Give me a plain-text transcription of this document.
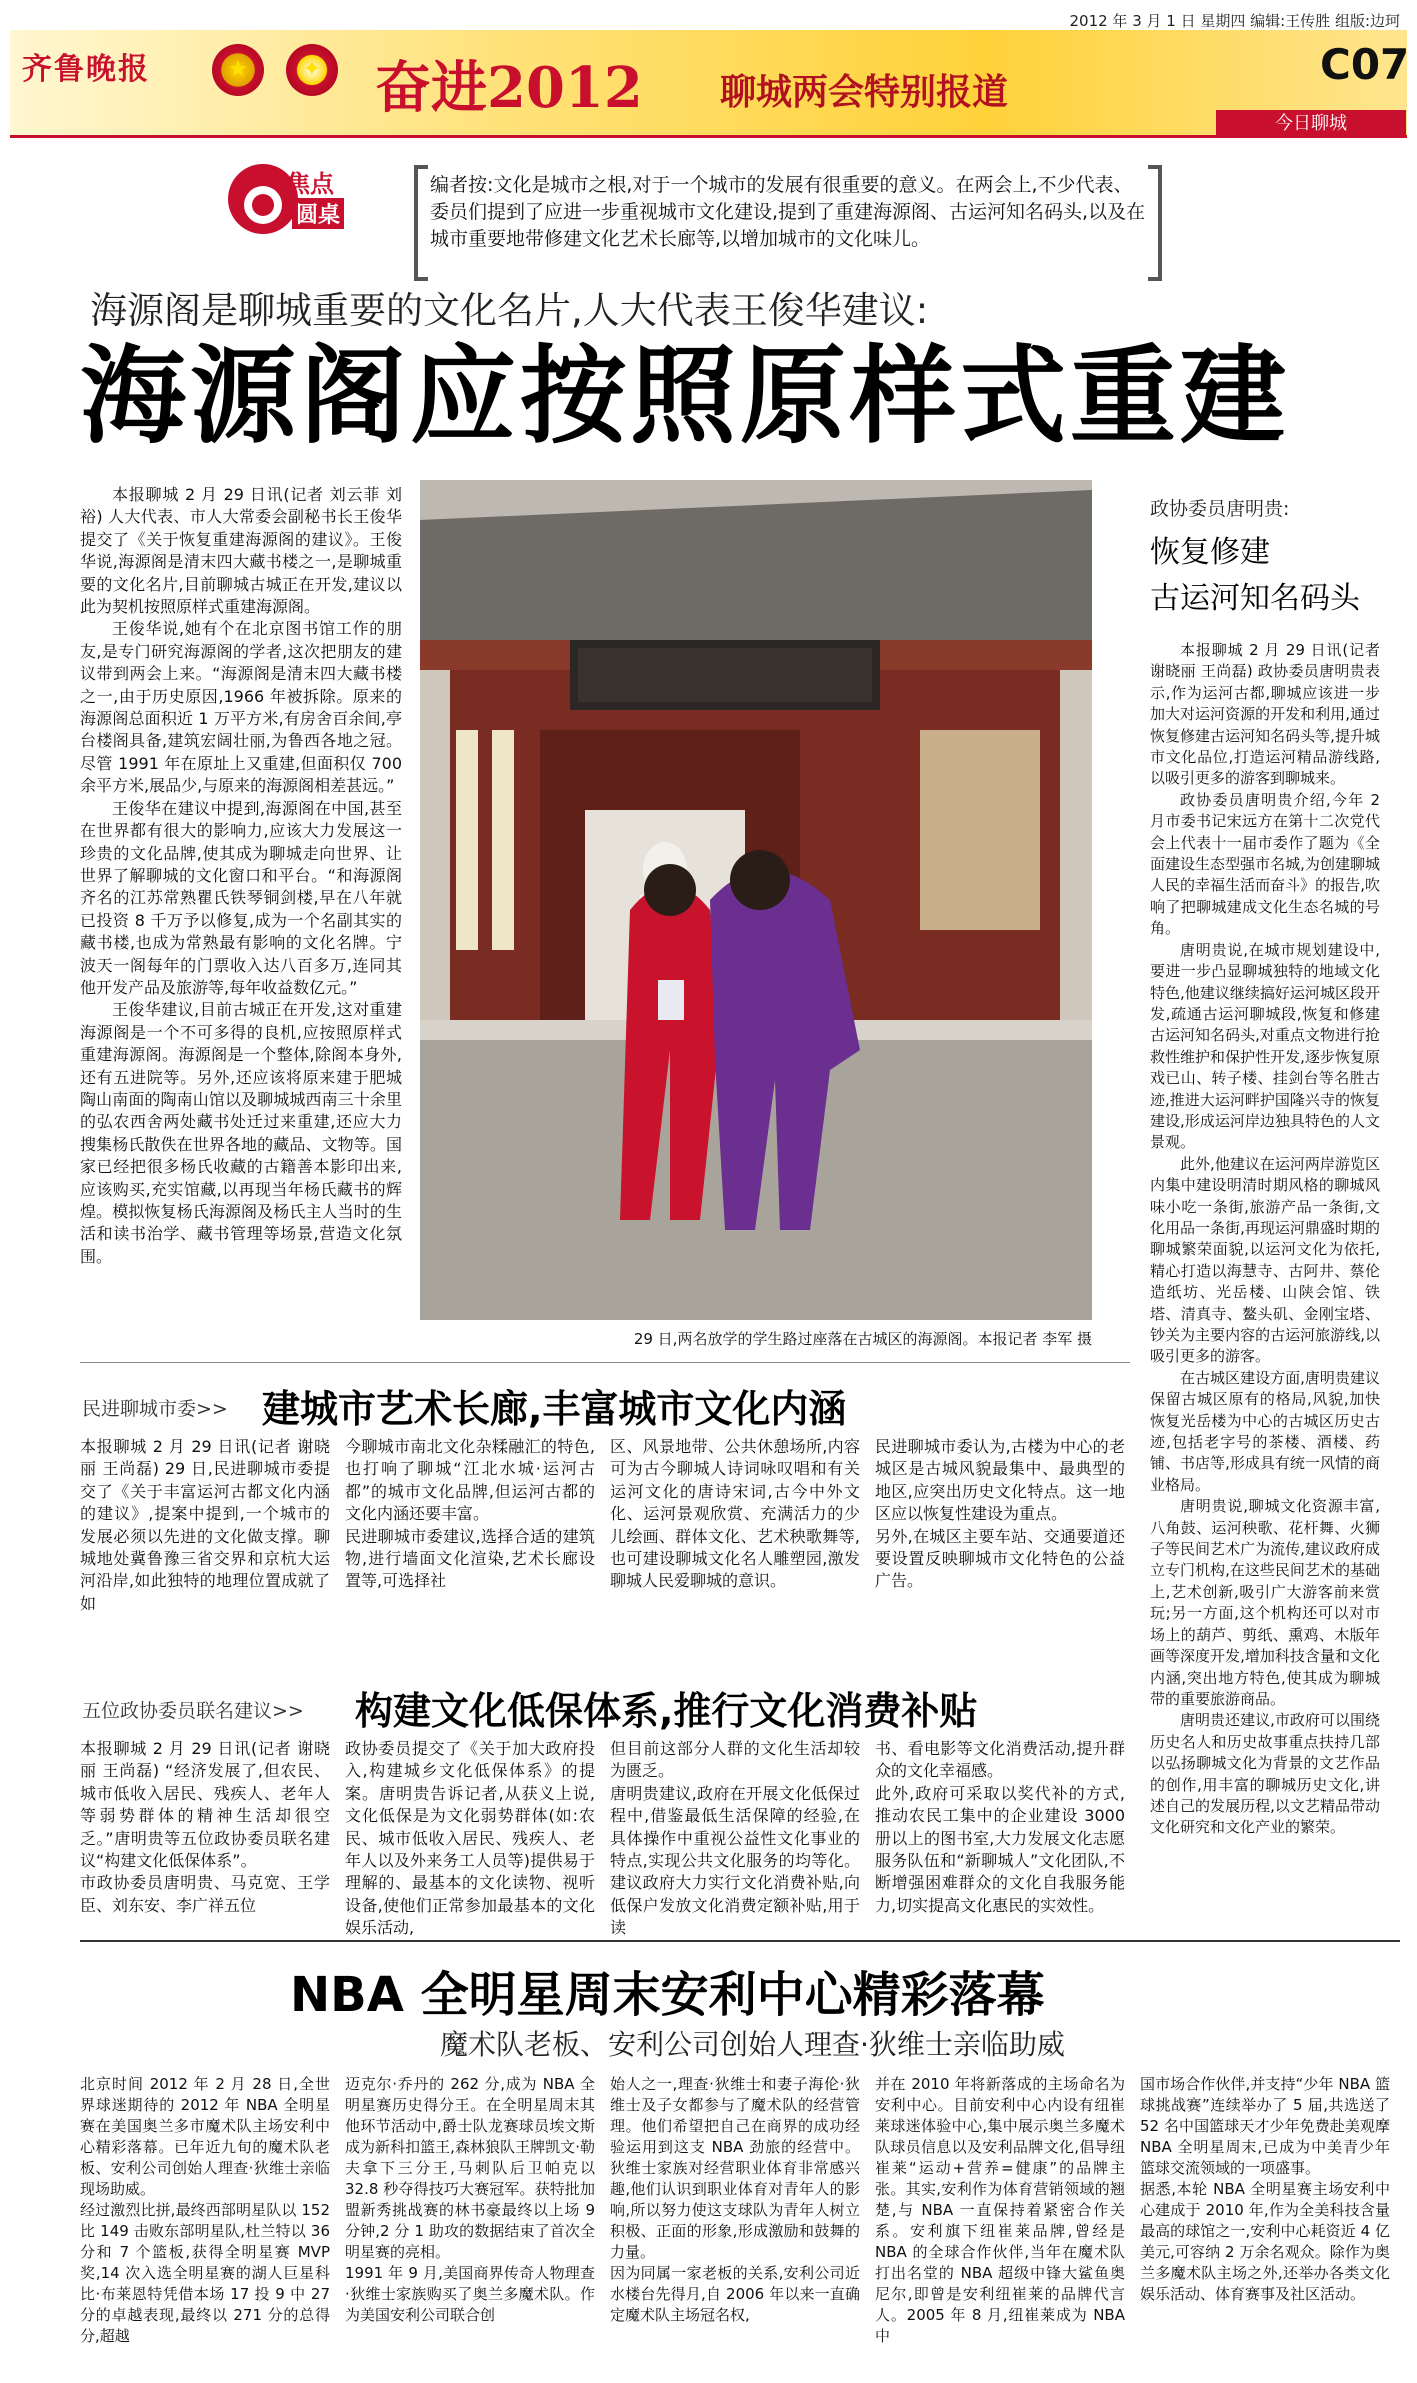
2012 年 3 月 1 日 星期四 编辑:王传胜 组版:边珂
齐鲁晚报	★	✦ 奋进2012 聊城两会特别报道
C07
今日聊城
焦点
圆桌
编者按:文化是城市之根,对于一个城市的发展有很重要的意义。在两会上,不少代表、委员们提到了应进一步重视城市文化建设,提到了重建海源阁、古运河知名码头,以及在城市重要地带修建文化艺术长廊等,以增加城市的文化味儿。
海源阁是聊城重要的文化名片,人大代表王俊华建议:
海源阁应按照原样式重建

本报聊城 2 月 29 日讯(记者 刘云菲 刘裕) 人大代表、市人大常委会副秘书长王俊华提交了《关于恢复重建海源阁的建议》。王俊华说,海源阁是清末四大藏书楼之一,是聊城重要的文化名片,目前聊城古城正在开发,建议以此为契机按照原样式重建海源阁。

王俊华说,她有个在北京图书馆工作的朋友,是专门研究海源阁的学者,这次把朋友的建议带到两会上来。“海源阁是清末四大藏书楼之一,由于历史原因,1966 年被拆除。原来的海源阁总面积近 1 万平方米,有房舍百余间,亭台楼阁具备,建筑宏阔壮丽,为鲁西各地之冠。尽管 1991 年在原址上又重建,但面积仅 700 余平方米,展品少,与原来的海源阁相差甚远。”

王俊华在建议中提到,海源阁在中国,甚至在世界都有很大的影响力,应该大力发展这一珍贵的文化品牌,使其成为聊城走向世界、让世界了解聊城的文化窗口和平台。“和海源阁齐名的江苏常熟瞿氏铁琴铜剑楼,早在八年就已投资 8 千万予以修复,成为一个名副其实的藏书楼,也成为常熟最有影响的文化名牌。宁波天一阁每年的门票收入达八百多万,连同其他开发产品及旅游等,每年收益数亿元。”

王俊华建议,目前古城正在开发,这对重建海源阁是一个不可多得的良机,应按照原样式重建海源阁。海源阁是一个整体,除阁本身外,还有五进院等。另外,还应该将原来建于肥城陶山南面的陶南山馆以及聊城城西南三十余里的弘农西舍两处藏书处迁过来重建,还应大力搜集杨氏散佚在世界各地的藏品、文物等。国家已经把很多杨氏收藏的古籍善本影印出来,应该购买,充实馆藏,以再现当年杨氏藏书的辉煌。模拟恢复杨氏海源阁及杨氏主人当时的生活和读书治学、藏书管理等场景,营造文化氛围。

29 日,两名放学的学生路过座落在古城区的海源阁。本报记者 李军 摄
政协委员唐明贵:
恢复修建
古运河知名码头

本报聊城 2 月 29 日讯(记者 谢晓丽 王尚磊) 政协委员唐明贵表示,作为运河古都,聊城应该进一步加大对运河资源的开发和利用,通过恢复修建古运河知名码头等,提升城市文化品位,打造运河精品游线路,以吸引更多的游客到聊城来。

政协委员唐明贵介绍,今年 2 月市委书记宋远方在第十二次党代会上代表十一届市委作了题为《全面建设生态型强市名城,为创建聊城人民的幸福生活而奋斗》的报告,吹响了把聊城建成文化生态名城的号角。

唐明贵说,在城市规划建设中,要进一步凸显聊城独特的地域文化特色,他建议继续搞好运河城区段开发,疏通古运河聊城段,恢复和修建古运河知名码头,对重点文物进行抢救性维护和保护性开发,逐步恢复原戏已山、转子楼、挂剑台等名胜古迹,推进大运河畔护国隆兴寺的恢复建设,形成运河岸边独具特色的人文景观。

此外,他建议在运河两岸游览区内集中建设明清时期风格的聊城风味小吃一条街,旅游产品一条街,文化用品一条街,再现运河鼎盛时期的聊城繁荣面貌,以运河文化为依托,精心打造以海慧寺、古阿井、蔡伦造纸坊、光岳楼、山陕会馆、铁塔、清真寺、鳌头矶、金刚宝塔、钞关为主要内容的古运河旅游线,以吸引更多的游客。

在古城区建设方面,唐明贵建议保留古城区原有的格局,风貌,加快恢复光岳楼为中心的古城区历史古迹,包括老字号的茶楼、酒楼、药铺、书店等,形成具有统一风情的商业格局。

唐明贵说,聊城文化资源丰富,八角鼓、运河秧歌、花杆舞、火狮子等民间艺术广为流传,建议政府成立专门机构,在这些民间艺术的基础上,艺术创新,吸引广大游客前来赏玩;另一方面,这个机构还可以对市场上的葫芦、剪纸、熏鸡、木版年画等深度开发,增加科技含量和文化内涵,突出地方特色,使其成为聊城带的重要旅游商品。

唐明贵还建议,市政府可以围绕历史名人和历史故事重点扶持几部以弘扬聊城文化为背景的文艺作品的创作,用丰富的聊城历史文化,讲述自己的发展历程,以文艺精品带动文化研究和文化产业的繁荣。

民进聊城市委>> 建城市艺术长廊,丰富城市文化内涵
本报聊城 2 月 29 日讯(记者 谢晓丽 王尚磊) 29 日,民进聊城市委提交了《关于丰富运河古都文化内涵的建议》,提案中提到,一个城市的发展必须以先进的文化做支撑。聊城地处冀鲁豫三省交界和京杭大运河沿岸,如此独特的地理位置成就了如
今聊城市南北文化杂糅融汇的特色,也打响了聊城“江北水城·运河古都”的城市文化品牌,但运河古都的文化内涵还要丰富。
民进聊城市委建议,选择合适的建筑物,进行墙面文化渲染,艺术长廊设置等,可选择社
区、风景地带、公共休憩场所,内容可为古今聊城人诗词咏叹唱和有关运河文化的唐诗宋词,古今中外文化、运河景观欣赏、充满活力的少儿绘画、群体文化、艺术秧歌舞等,也可建设聊城文化名人雕塑园,激发聊城人民爱聊城的意识。
民进聊城市委认为,古楼为中心的老城区是古城风貌最集中、最典型的地区,应突出历史文化特点。这一地区应以恢复性建设为重点。
另外,在城区主要车站、交通要道还要设置反映聊城市文化特色的公益广告。
五位政协委员联名建议>> 构建文化低保体系,推行文化消费补贴
本报聊城 2 月 29 日讯(记者 谢晓丽 王尚磊) “经济发展了,但农民、城市低收入居民、残疾人、老年人等弱势群体的精神生活却很空乏。”唐明贵等五位政协委员联名建议“构建文化低保体系”。
市政协委员唐明贵、马克宽、王学臣、刘东安、李广祥五位
政协委员提交了《关于加大政府投入,构建城乡文化低保体系》的提案。唐明贵告诉记者,从获义上说,文化低保是为文化弱势群体(如:农民、城市低收入居民、残疾人、老年人以及外来务工人员等)提供易于理解的、最基本的文化读物、视听设备,使他们正常参加最基本的文化娱乐活动,
但目前这部分人群的文化生活却较为匮乏。
唐明贵建议,政府在开展文化低保过程中,借鉴最低生活保障的经验,在具体操作中重视公益性文化事业的特点,实现公共文化服务的均等化。建议政府大力实行文化消费补贴,向低保户发放文化消费定额补贴,用于读
书、看电影等文化消费活动,提升群众的文化幸福感。
此外,政府可采取以奖代补的方式,推动农民工集中的企业建设 3000 册以上的图书室,大力发展文化志愿服务队伍和“新聊城人”文化团队,不断增强困难群众的文化自我服务能力,切实提高文化惠民的实效性。
NBA 全明星周末安利中心精彩落幕
魔术队老板、安利公司创始人理查·狄维士亲临助威
北京时间 2012 年 2 月 28 日,全世界球迷期待的 2012 年 NBA 全明星赛在美国奥兰多市魔术队主场安利中心精彩落幕。已年近九旬的魔术队老板、安利公司创始人理查·狄维士亲临现场助威。
经过激烈比拼,最终西部明星队以 152 比 149 击败东部明星队,杜兰特以 36 分和 7 个篮板,获得全明星赛 MVP 奖,14 次入选全明星赛的湖人巨星科比·布莱恩特凭借本场 17 投 9 中 27 分的卓越表现,最终以 271 分的总得分,超越
迈克尔·乔丹的 262 分,成为 NBA 全明星赛历史得分王。在全明星周末其他环节活动中,爵士队龙赛球员埃文斯成为新科扣篮王,森林狼队王牌凯文·勒夫拿下三分王,马刺队后卫帕克以 32.8 秒夺得技巧大赛冠军。获特批加盟新秀挑战赛的林书豪最终以上场 9 分钟,2 分 1 助攻的数据结束了首次全明星赛的亮相。
1991 年 9 月,美国商界传奇人物理查·狄维士家族购买了奥兰多魔术队。作为美国安利公司联合创
始人之一,理查·狄维士和妻子海伦·狄维士及子女都参与了魔术队的经营管理。他们希望把自己在商界的成功经验运用到这支 NBA 劲旅的经营中。狄维士家族对经营职业体育非常感兴趣,他们认识到职业体育对青年人的影响,所以努力使这支球队为青年人树立积极、正面的形象,形成激励和鼓舞的力量。
因为同属一家老板的关系,安利公司近水楼台先得月,自 2006 年以来一直确定魔术队主场冠名权,
并在 2010 年将新落成的主场命名为安利中心。目前安利中心内设有纽崔莱球迷体验中心,集中展示奥兰多魔术队球员信息以及安利品牌文化,倡导纽崔莱“运动+营养=健康”的品牌主张。其实,安利作为体育营销领域的翘楚,与 NBA 一直保持着紧密合作关系。安利旗下纽崔莱品牌,曾经是 NBA 的全球合作伙伴,当年在魔术队打出名堂的 NBA 超级中锋大鲨鱼奥尼尔,即曾是安利纽崔莱的品牌代言人。2005 年 8 月,纽崔莱成为 NBA 中
国市场合作伙伴,并支持“少年 NBA 篮球挑战赛”连续举办了 5 届,共选送了 52 名中国篮球天才少年免费赴美观摩 NBA 全明星周末,已成为中美青少年篮球交流领域的一项盛事。
据悉,本轮 NBA 全明星赛主场安利中心建成于 2010 年,作为全美科技含量最高的球馆之一,安利中心耗资近 4 亿美元,可容纳 2 万余名观众。除作为奥兰多魔术队主场之外,还举办各类文化娱乐活动、体育赛事及社区活动。
